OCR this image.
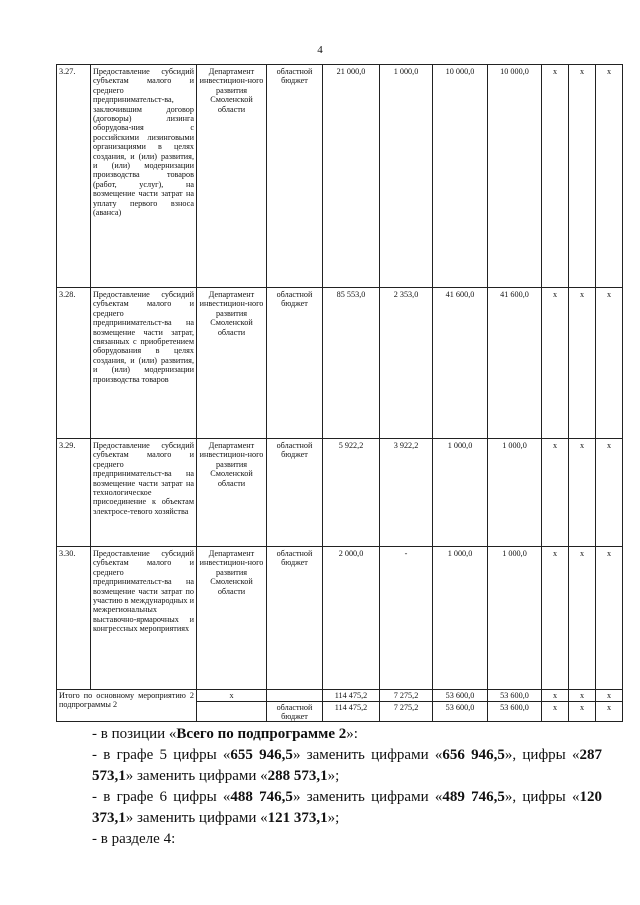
4
3.27.	Предоставление субсидий субъектам малого и среднего предпринимательст-ва, заключившим договор (договоры) лизинга оборудова-ния с российскими лизинговыми организациями в целях создания, и (или) развития, и (или) модернизации производства товаров (работ, услуг), на возмещение части затрат на уплату первого взноса (аванса)	Департамент инвестицион-ного развития Смоленской области	областной бюджет	21 000,0	1 000,0	10 000,0	10 000,0	х	х	х
3.28.	Предоставление субсидий субъектам малого и среднего предпринимательст-ва на возмещение части затрат, связанных с приобретением оборудования в целях создания, и (или) развития, и (или) модернизации производства товаров	Департамент инвестицион-ного развития Смоленской области	областной бюджет	85 553,0	2 353,0	41 600,0	41 600,0	х	х	х
3.29.	Предоставление субсидий субъектам малого и среднего предпринимательст-ва на возмещение части затрат на технологическое присоединение к объектам электросе-тевого хозяйства	Департамент инвестицион-ного развития Смоленской области	областной бюджет	5 922,2	3 922,2	1 000,0	1 000,0	х	х	х
3.30.	Предоставление субсидий субъектам малого и среднего предпринимательст-ва на возмещение части затрат по участию в международных и межрегиональных выставочно-ярмарочных и конгрессных мероприятиях	Департамент инвестицион-ного развития Смоленской области	областной бюджет	2 000,0	-	1 000,0	1 000,0	х	х	х
Итого по основному мероприятию 2 подпрограммы 2		х		114 475,2	7 275,2	53 600,0	53 600,0	х	х	х
			областной бюджет	114 475,2	7 275,2	53 600,0	53 600,0	х	х	х

- в позиции «Всего по подпрограмме 2»:

- в графе 5 цифры «655 946,5» заменить цифрами «656 946,5», цифры «287 573,1» заменить цифрами «288 573,1»;

- в графе 6 цифры «488 746,5» заменить цифрами «489 746,5», цифры «120 373,1» заменить цифрами «121 373,1»;

- в разделе 4:
